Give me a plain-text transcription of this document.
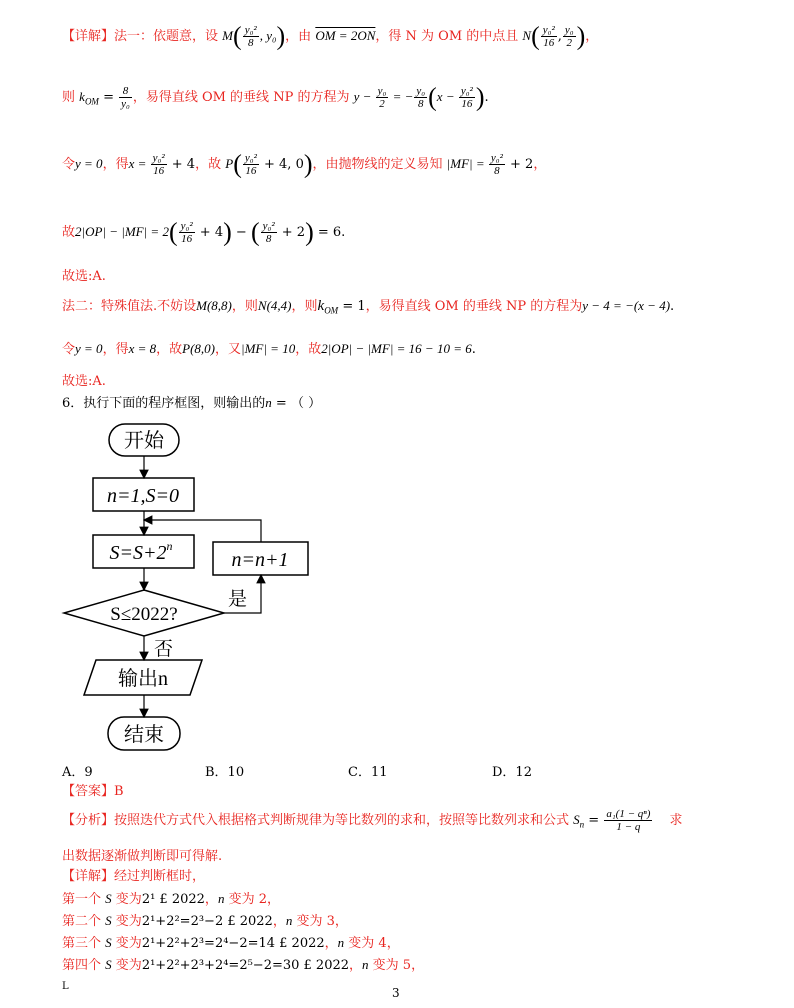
【详解】法一：依题意，设 $M( \frac{\text{y₀²}}{8}$ , y₀)，由 OM = 2ON，得 N 为 OM 的中点且 $N( \frac{\text{y₀²}}{16}$ , $\frac{\text{y₀}}{2}$ )，
则 $k_{OM} = \frac{8}{\text{y₀}}$ ，易得直线 OM 的垂线 NP 的方程为 $y - \frac{\text{y₀}}{2}$ = − $\frac{\text{y₀}}{8} (x - \frac{\text{y₀²}}{16}$ ).
令y = 0，得$x = \frac{\text{y₀²}}{16} + 4$，故 $P( \frac{\text{y₀²}}{16} + 4$, 0)，由抛物线的定义易知 $|MF| = \frac{\text{y₀²}}{8} + 2$，
故$2|OP| - |MF| = 2( \frac{\text{y₀²}}{16} + 4)$ − ( $\frac{\text{y₀²}}{8} + 2) = 6$.
故选:A.
法二：特殊值法.不妨设M(8,8)，则N(4,4)，则$k_{OM} = 1$，易得直线 OM 的垂线 NP 的方程为y − 4 = −(x − 4).
令y = 0，得x = 8，故P(8,0)，又|MF| = 10，故2|OP| − |MF| = 16 − 10 = 6.
故选:A.
6．执行下面的程序框图，则输出的n = （ ）
开始
n=1,S=0
$S=S+2^n$
n=n+1
S≤2022?
是
否
输出n
结束
A．9	B．10	C．11	D．12
【答案】B
【分析】按照迭代方式代入根据格式判断规律为等比数列的求和，按照等比数列求和公式 $S_n = \frac{\text{a₁(1 − qⁿ)}}{1 - q}$ 求
出数据逐渐做判断即可得解.
【详解】经过判断框时，
第一个 S 变为2¹ £ 2022，n 变为 2，
第二个 S 变为2¹+2²=2³−2 £ 2022，n 变为 3，
第三个 S 变为2¹+2²+2³=2⁴−2=14 £ 2022，n 变为 4，
第四个 S 变为2¹+2²+2³+2⁴=2⁵−2=30 £ 2022，n 变为 5，
L	3
